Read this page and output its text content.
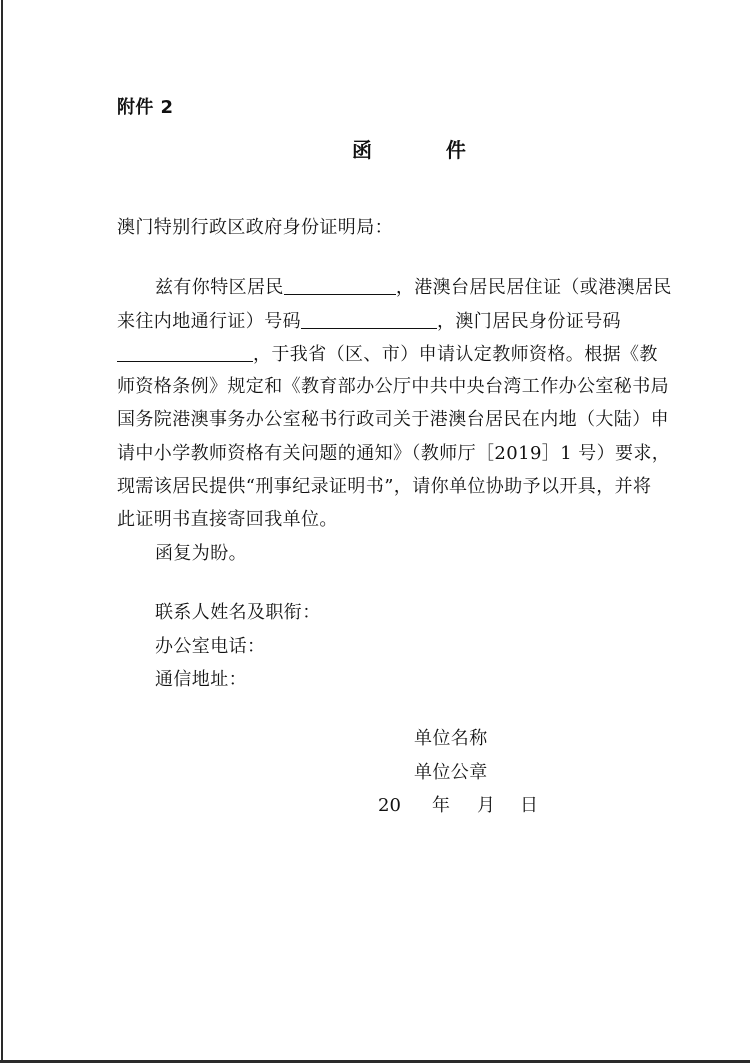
附件 2
函  件
澳门特别行政区政府身份证明局：
兹有你特区居民	，港澳台居民居住证（或港澳居民
来往内地通行证）号码	，澳门居民身份证号码
，于我省（区、市）申请认定教师资格。根据《教
师资格条例》规定和《教育部办公厅中共中央台湾工作办公室秘书局
国务院港澳事务办公室秘书行政司关于港澳台居民在内地（大陆）申
请中小学教师资格有关问题的通知》（教师厅［2019］1 号）要求，
现需该居民提供“刑事纪录证明书”，请你单位协助予以开具，并将
此证明书直接寄回我单位。
函复为盼。
联系人姓名及职衔：
办公室电话：
通信地址：
单位名称
单位公章
20 年 月 日
